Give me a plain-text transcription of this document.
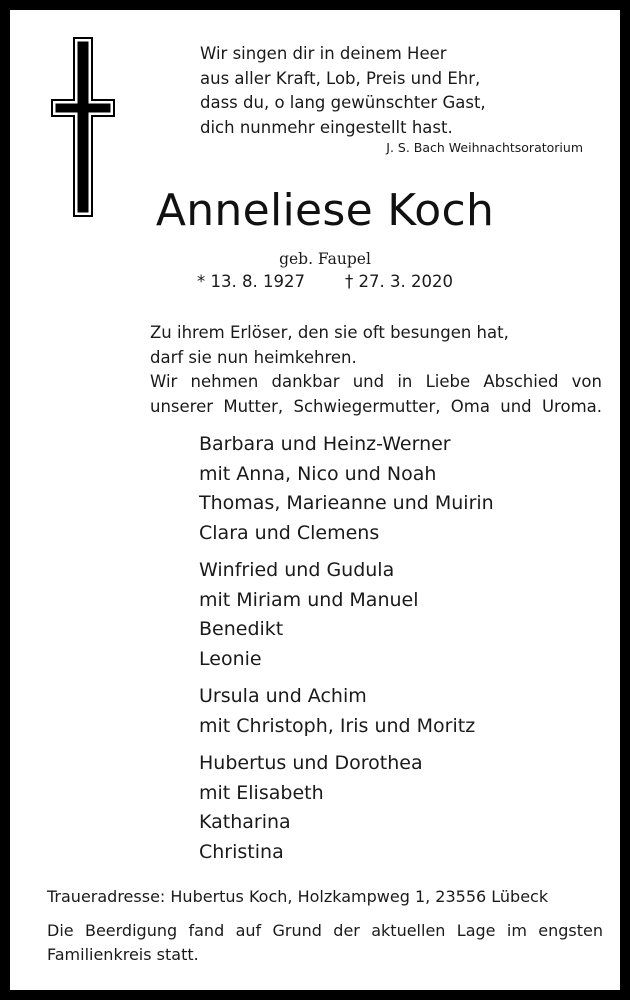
Wir singen dir in deinem Heer
aus aller Kraft, Lob, Preis und Ehr,
dass du, o lang gewünschter Gast,
dich nunmehr eingestellt hast.
J. S. Bach Weihnachtsoratorium
Anneliese Koch
geb. Faupel
* 13. 8. 1927 † 27. 3. 2020
Zu ihrem Erlöser, den sie oft besungen hat,
darf sie nun heimkehren.
Wir nehmen dankbar und in Liebe Abschied von
unserer Mutter, Schwiegermutter, Oma und Uroma.
Barbara und Heinz-Werner
mit Anna, Nico und Noah
Thomas, Marieanne und Muirin
Clara und Clemens
Winfried und Gudula
mit Miriam und Manuel
Benedikt
Leonie
Ursula und Achim
mit Christoph, Iris und Moritz
Hubertus und Dorothea
mit Elisabeth
Katharina
Christina
Traueradresse: Hubertus Koch, Holzkampweg 1, 23556 Lübeck
Die Beerdigung fand auf Grund der aktuellen Lage im engsten
Familienkreis statt.
